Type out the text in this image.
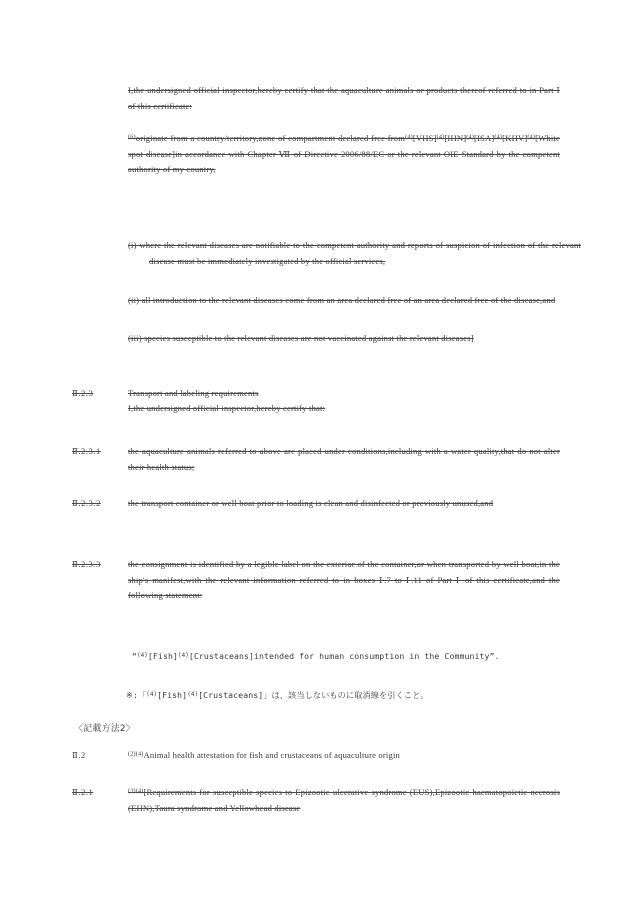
I,the undersigned official inspector,hereby certify that the aquaculture animals or products thereof referred to in Part Ⅰ of this certificate:
$^{(6)}$originate from a country/territory,zone of compartment declared free from$^{(4)}$[VHS]$^{(4)}$[IHN]$^{(4)}$[ISA]$^{(4)}$[KHV]$^{(4)}$[White spot disease]in accordance with Chapter Ⅶ of Directive 2006/88/EC or the relevant OIE Standard by the competent authority of my country,
(i) where the relevant diseases are notifiable to the competent authority and reports of suspicion of infection of the relevant disease must be immediately investigated by the official services,
(ii) all introduction to the relevant diseases come from an area declared free of an area declared free of the disease,and
(iii) species susceptible to the relevant diseases are not vaccinated against the relevant diseases]
Ⅱ.2.3	Transport and labeling requirements
I,the undersigned official inspector,hereby certify that:
Ⅱ.2.3.1	the aquaculture animals referred to above are placed under conditions,including with a water quality,that do not alter their health status;
Ⅱ.2.3.2	the transport container or well boat prior to loading is clean and disinfected or previously unused,and
Ⅱ.2.3.3	the consignment is identified by a legible label on the exterior of the container,or when transported by well boat,in the ship's manifest,with the relevant information referred to in boxes Ⅰ.7 to Ⅰ.11 of Part Ⅰ of this certificate,and the following statement:
“$^{(4)}$[Fish]$^{(4)}$[Crustaceans]intended for human consumption in the Community”.
※:「$^{(4)}$[Fish]$^{(4)}$[Crustaceans]」は、該当しないものに取消線を引くこと。
〈記載方法2〉
Ⅱ.2	$^{(2)(4)}$Animal health attestation for fish and crustaceans of aquaculture origin
Ⅱ.2.1	$^{(3)(4)}$[Requirements for susceptible species to Epizootic ulcerative syndrome (EUS),Epizootic haematopoietic necrosis (EHN),Taura syndrome and Yellowhead disease
